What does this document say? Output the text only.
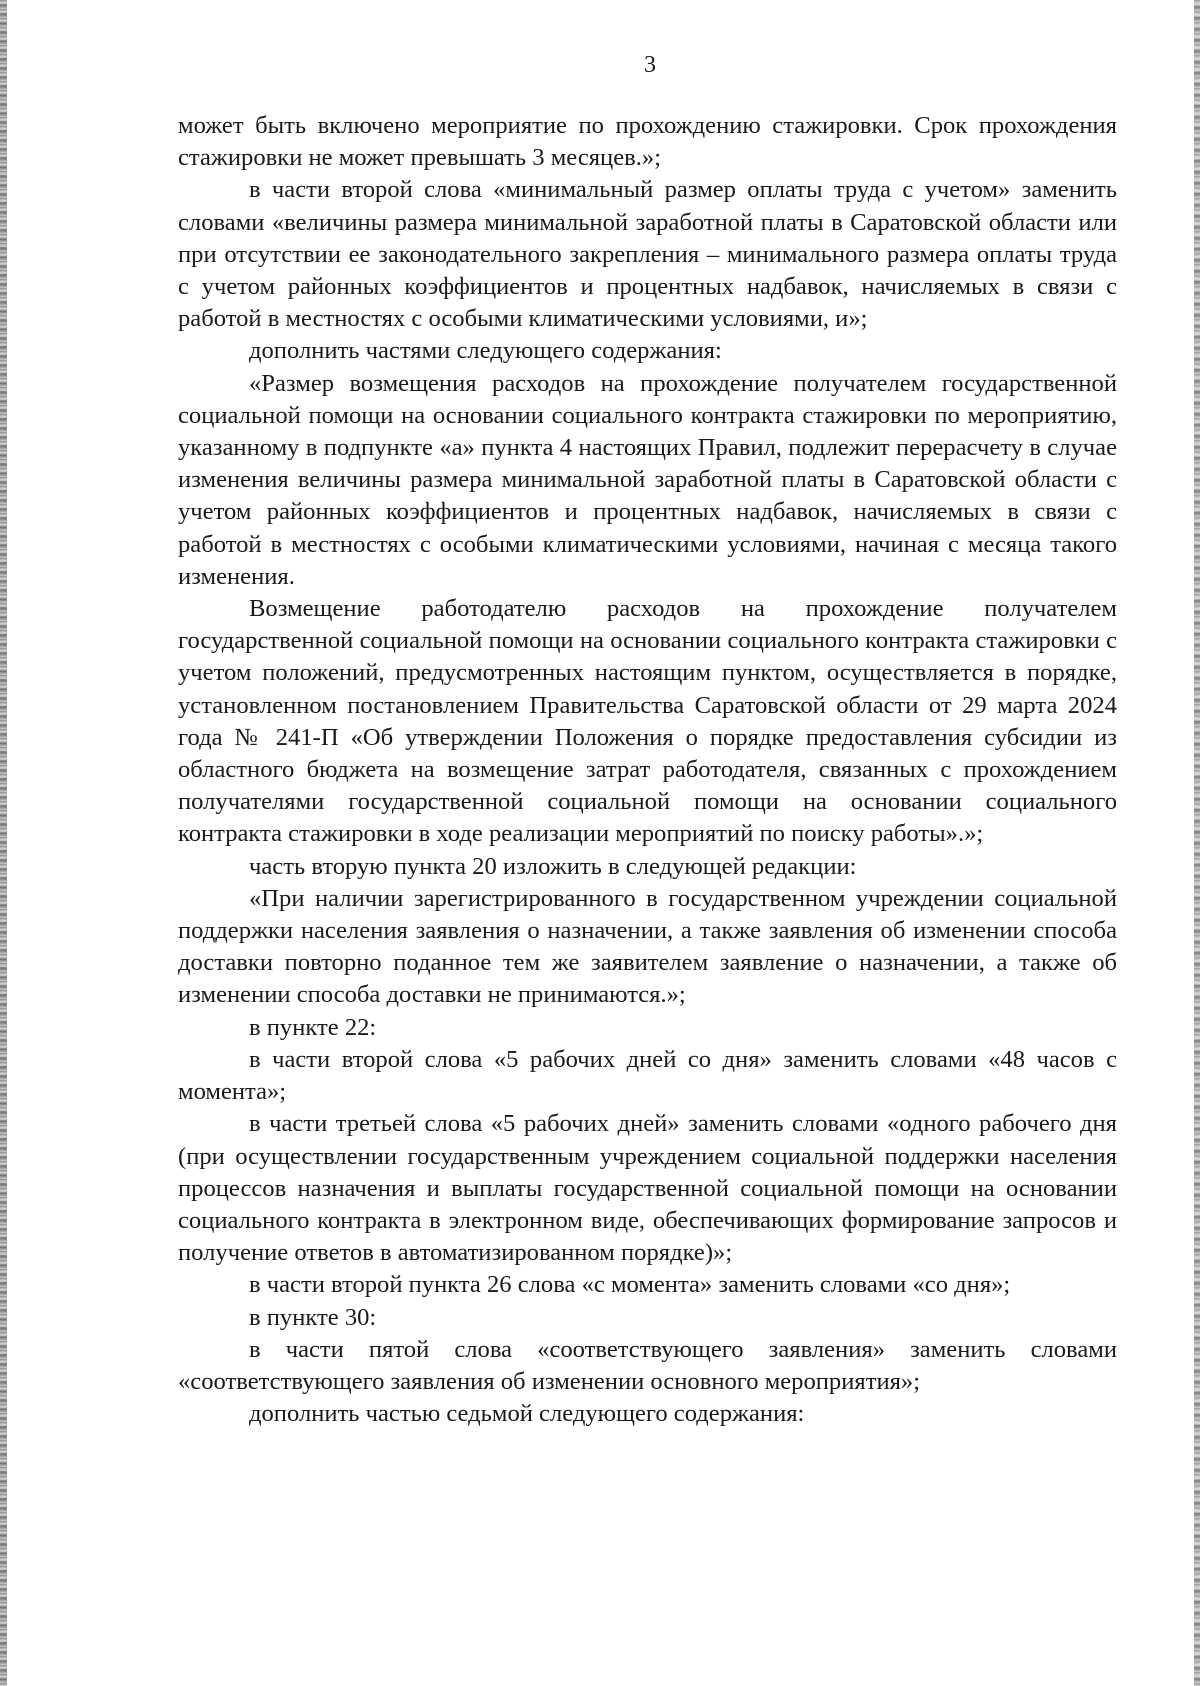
3

может быть включено мероприятие по прохождению стажировки. Срок прохождения стажировки не может превышать 3 месяцев.»;

в части второй слова «минимальный размер оплаты труда с учетом» заменить словами «величины размера минимальной заработной платы в Саратовской области или при отсутствии ее законодательного закрепления – минимального размера оплаты труда с учетом районных коэффициентов и процентных надбавок, начисляемых в связи с работой в местностях с особыми климатическими условиями, и»;

дополнить частями следующего содержания:

«Размер возмещения расходов на прохождение получателем государственной социальной помощи на основании социального контракта стажировки по мероприятию, указанному в подпункте «а» пункта 4 настоящих Правил, подлежит перерасчету в случае изменения величины размера минимальной заработной платы в Саратовской области с учетом районных коэффициентов и процентных надбавок, начисляемых в связи с работой в местностях с особыми климатическими условиями, начиная с месяца такого изменения.

Возмещение работодателю расходов на прохождение получателем государственной социальной помощи на основании социального контракта стажировки с учетом положений, предусмотренных настоящим пунктом, осуществляется в порядке, установленном постановлением Правительства Саратовской области от 29 марта 2024 года № 241-П «Об утверждении Положения о порядке предоставления субсидии из областного бюджета на возмещение затрат работодателя, связанных с прохождением получателями государственной социальной помощи на основании социального контракта стажировки в ходе реализации мероприятий по поиску работы».»;

часть вторую пункта 20 изложить в следующей редакции:

«При наличии зарегистрированного в государственном учреждении социальной поддержки населения заявления о назначении, а также заявления об изменении способа доставки повторно поданное тем же заявителем заявление о назначении, а также об изменении способа доставки не принимаются.»;

в пункте 22:

в части второй слова «5 рабочих дней со дня» заменить словами «48 часов с момента»;

в части третьей слова «5 рабочих дней» заменить словами «одного рабочего дня (при осуществлении государственным учреждением социальной поддержки населения процессов назначения и выплаты государственной социальной помощи на основании социального контракта в электронном виде, обеспечивающих формирование запросов и получение ответов в автоматизированном порядке)»;

в части второй пункта 26 слова «с момента» заменить словами «со дня»;

в пункте 30:

в части пятой слова «соответствующего заявления» заменить словами «соответствующего заявления об изменении основного мероприятия»;

дополнить частью седьмой следующего содержания:
